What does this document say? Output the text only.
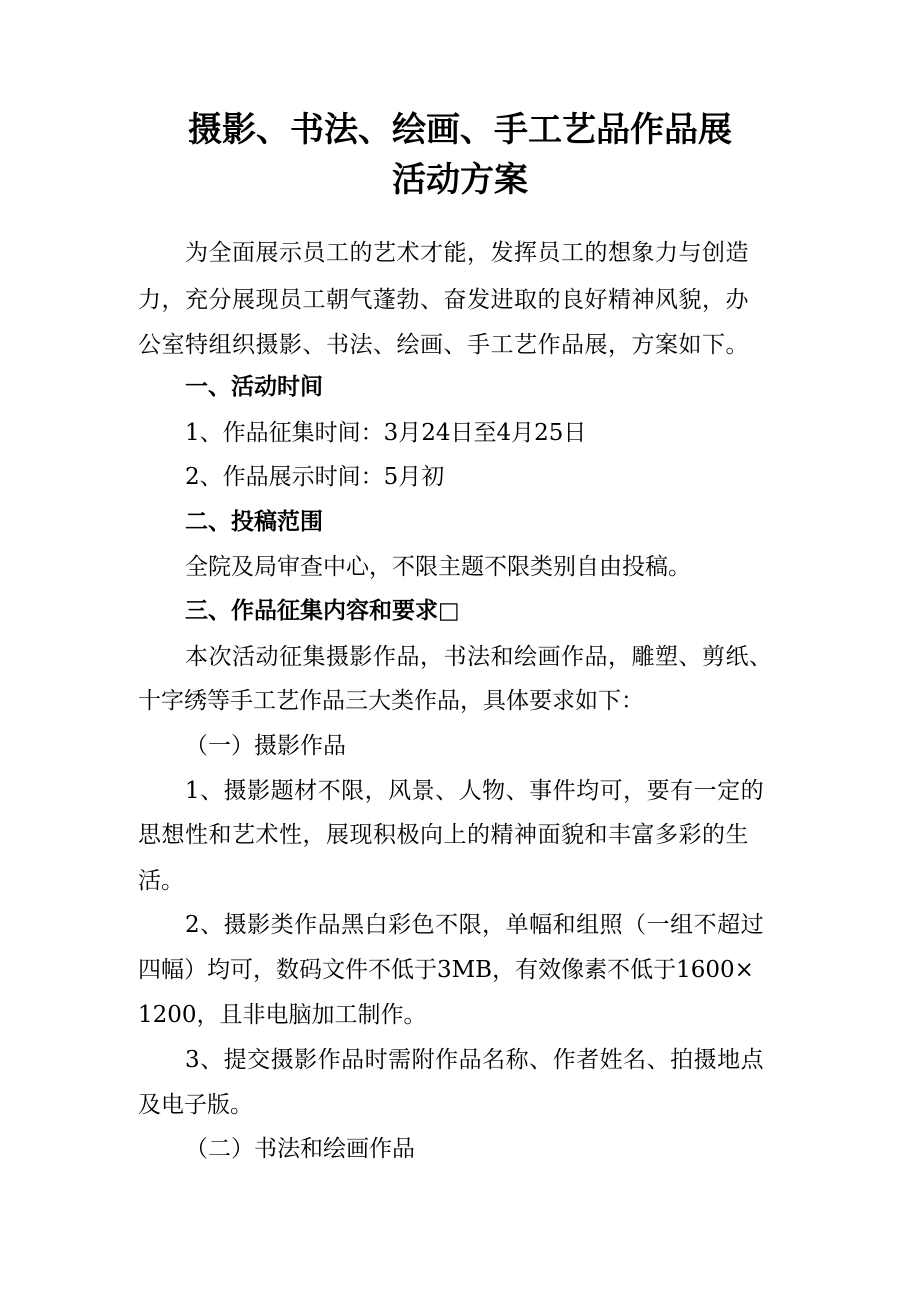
摄影、书法、绘画、手工艺品作品展
活动方案
为全面展示员工的艺术才能，发挥员工的想象力与创造
力，充分展现员工朝气蓬勃、奋发进取的良好精神风貌，办
公室特组织摄影、书法、绘画、手工艺作品展，方案如下。
一、活动时间
1、作品征集时间：3月24日至4月25日
2、作品展示时间：5月初
二、投稿范围
全院及局审查中心，不限主题不限类别自由投稿。
三、作品征集内容和要求□
本次活动征集摄影作品，书法和绘画作品，雕塑、剪纸、
十字绣等手工艺作品三大类作品，具体要求如下：
（一）摄影作品
1、摄影题材不限，风景、人物、事件均可，要有一定的
思想性和艺术性，展现积极向上的精神面貌和丰富多彩的生
活。
2、摄影类作品黑白彩色不限，单幅和组照（一组不超过
四幅）均可，数码文件不低于3MB，有效像素不低于1600×
1200，且非电脑加工制作。
3、提交摄影作品时需附作品名称、作者姓名、拍摄地点
及电子版。
（二）书法和绘画作品
